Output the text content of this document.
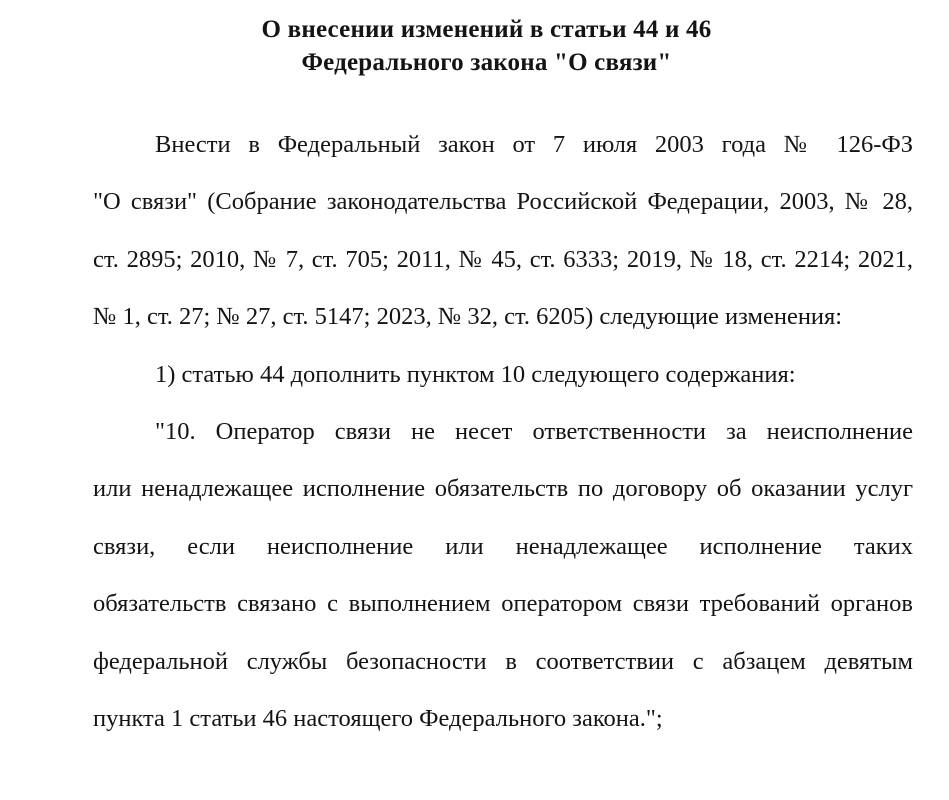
О внесении изменений в статьи 44 и 46
Федерального закона "О связи"
Внести в Федеральный закон от 7 июля 2003 года № 126-ФЗ
"О связи" (Собрание законодательства Российской Федерации, 2003, № 28,
ст. 2895; 2010, № 7, ст. 705; 2011, № 45, ст. 6333; 2019, № 18, ст. 2214; 2021,
№ 1, ст. 27; № 27, ст. 5147; 2023, № 32, ст. 6205) следующие изменения:
1) статью 44 дополнить пунктом 10 следующего содержания:
"10. Оператор связи не несет ответственности за неисполнение
или ненадлежащее исполнение обязательств по договору об оказании услуг
связи, если неисполнение или ненадлежащее исполнение таких
обязательств связано с выполнением оператором связи требований органов
федеральной службы безопасности в соответствии с абзацем девятым
пункта 1 статьи 46 настоящего Федерального закона.";
